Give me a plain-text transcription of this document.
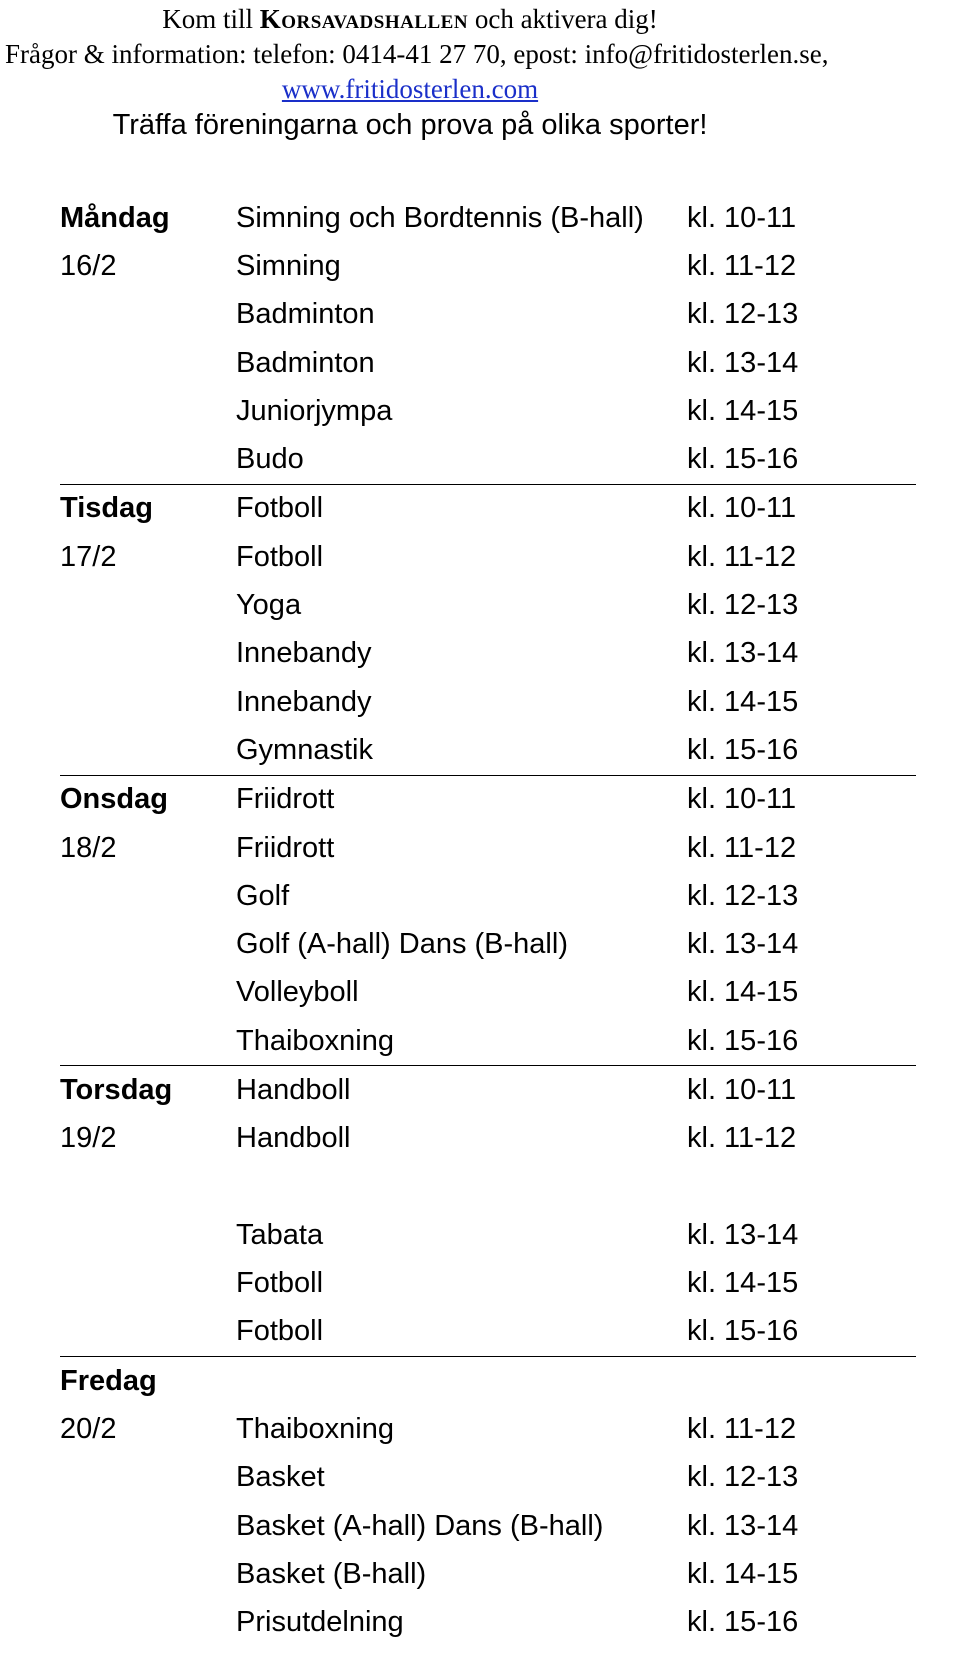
Kom till Korsavadshallen och aktivera dig!
Frågor & information: telefon: 0414-41 27 70, epost: info@fritidosterlen.se,
www.fritidosterlen.com
Träffa föreningarna och prova på olika sporter!
Måndag	Simning och Bordtennis (B-hall)	kl. 10-11
16/2	Simning	kl. 11-12
Badminton	kl. 12-13
Badminton	kl. 13-14
Juniorjympa	kl. 14-15
Budo	kl. 15-16
Tisdag	Fotboll	kl. 10-11
17/2	Fotboll	kl. 11-12
Yoga	kl. 12-13
Innebandy	kl. 13-14
Innebandy	kl. 14-15
Gymnastik	kl. 15-16
Onsdag	Friidrott	kl. 10-11
18/2	Friidrott	kl. 11-12
Golf	kl. 12-13
Golf (A-hall) Dans (B-hall)	kl. 13-14
Volleyboll	kl. 14-15
Thaiboxning	kl. 15-16
Torsdag	Handboll	kl. 10-11
19/2	Handboll	kl. 11-12
Tabata	kl. 13-14
Fotboll	kl. 14-15
Fotboll	kl. 15-16
Fredag
20/2	Thaiboxning	kl. 11-12
Basket	kl. 12-13
Basket (A-hall) Dans (B-hall)	kl. 13-14
Basket (B-hall)	kl. 14-15
Prisutdelning	kl. 15-16
